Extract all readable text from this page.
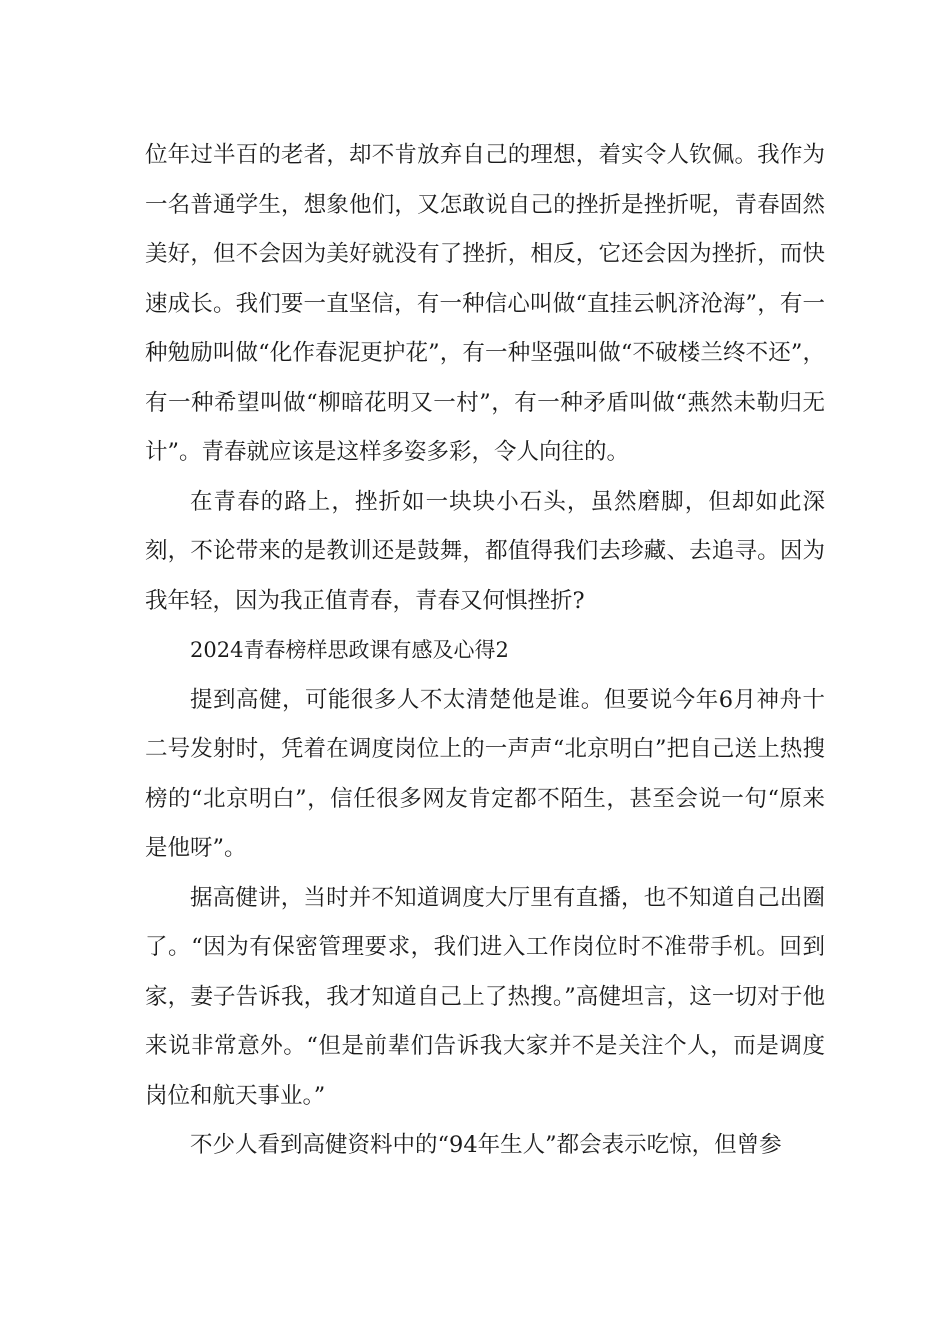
位年过半百的老者，却不肯放弃自己的理想，着实令人钦佩。我作为一名普通学生，想象他们，又怎敢说自己的挫折是挫折呢，青春固然美好，但不会因为美好就没有了挫折，相反，它还会因为挫折，而快速成长。我们要一直坚信，有一种信心叫做“直挂云帆济沧海”，有一种勉励叫做“化作春泥更护花”，有一种坚强叫做“不破楼兰终不还”，有一种希望叫做“柳暗花明又一村”，有一种矛盾叫做“燕然未勒归无计”。青春就应该是这样多姿多彩，令人向往的。

在青春的路上，挫折如一块块小石头，虽然磨脚，但却如此深刻，不论带来的是教训还是鼓舞，都值得我们去珍藏、去追寻。因为我年轻，因为我正值青春，青春又何惧挫折?

2024青春榜样思政课有感及心得2

提到高健，可能很多人不太清楚他是谁。但要说今年6月神舟十二号发射时，凭着在调度岗位上的一声声“北京明白”把自己送上热搜榜的“北京明白”，信任很多网友肯定都不陌生，甚至会说一句“原来是他呀”。

据高健讲，当时并不知道调度大厅里有直播，也不知道自己出圈了。“因为有保密管理要求，我们进入工作岗位时不准带手机。回到家，妻子告诉我，我才知道自己上了热搜。”高健坦言，这一切对于他来说非常意外。“但是前辈们告诉我大家并不是关注个人，而是调度岗位和航天事业。”

不少人看到高健资料中的“94年生人”都会表示吃惊，但曾参
